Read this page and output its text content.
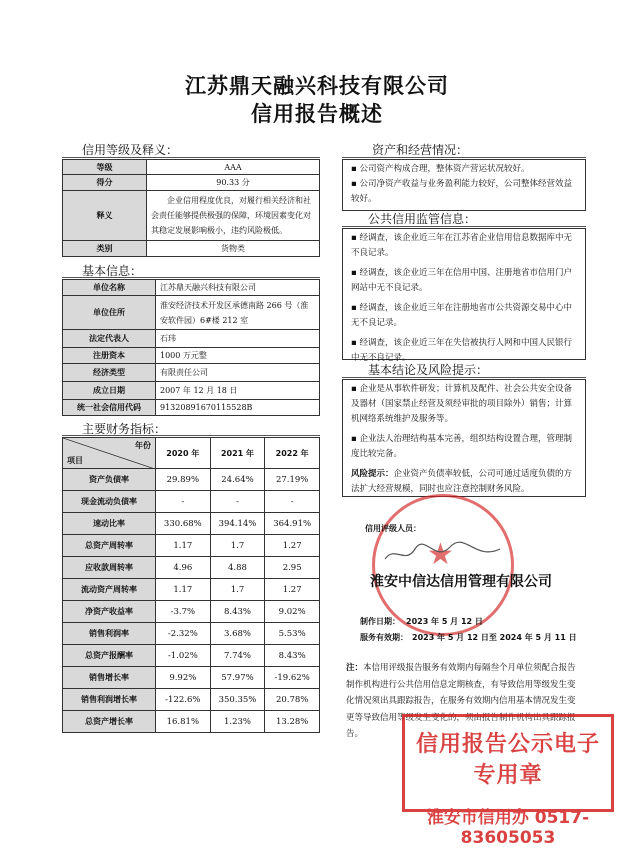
江苏鼎天融兴科技有限公司
信用报告概述
信用等级及释义：
等级	AAA
得分	90.33 分
释义	企业信用程度优良，对履行相关经济和社会责任能够提供极强的保障，环境因素变化对其稳定发展影响极小，违约风险极低。
类别	货物类
基本信息：
单位名称	江苏鼎天融兴科技有限公司
单位住所	淮安经济技术开发区承德南路 266 号（淮安软件园）6#楼 212 室
法定代表人	石玮
注册资本	1000 万元整
经济类型	有限责任公司
成立日期	2007 年 12 月 18 日
统一社会信用代码	91320891670115528B
主要财务指标：
年份
项目	2020 年	2021 年	2022 年
资产负债率	29.89%	24.64%	27.19%
现金流动负债率	-	-	-
速动比率	330.68%	394.14%	364.91%
总资产周转率	1.17	1.7	1.27
应收款周转率	4.96	4.88	2.95
流动资产周转率	1.17	1.7	1.27
净资产收益率	-3.7%	8.43%	9.02%
销售利润率	-2.32%	3.68%	5.53%
总资产报酬率	-1.02%	7.74%	8.43%
销售增长率	9.92%	57.97%	-19.62%
销售利润增长率	-122.6%	350.35%	20.78%
总资产增长率	16.81%	1.23%	13.28%
资产和经营情况：
▪ 公司资产构成合理，整体资产营运状况较好。
▪ 公司净资产收益与业务盈利能力较好，公司整体经营效益较好。
公共信用监管信息：

▪ 经调查，该企业近三年在江苏省企业信用信息数据库中无不良记录。

▪ 经调查，该企业近三年在信用中国、注册地省市信用门户网站中无不良记录。

▪ 经调查，该企业近三年在注册地省市公共资源交易中心中无不良记录。

▪ 经调查，该企业近三年在失信被执行人网和中国人民银行中无不良记录。

基本结论及风险提示：

▪ 企业是从事软件研发；计算机及配件、社会公共安全设备及器材（国家禁止经营及须经审批的项目除外）销售；计算机网络系统维护及服务等。

▪ 企业法人治理结构基本完善，组织结构设置合理，管理制度比较完备。

风险提示：企业资产负债率较低，公司可通过适度负债的方法扩大经营规模，同时也应注意控制财务风险。

★
信用评级人员：
淮安中信达信用管理有限公司
制作日期： 2023 年 5 月 12 日
服务有效期： 2023 年 5 月 12 日至 2024 年 5 月 11 日
注：本信用评级报告服务有效期内每隔叁个月单位须配合报告制作机构进行公共信用信息定期核查，有导致信用等级发生变化情况须出具跟踪报告，在服务有效期内信用基本情况发生变更等导致信用等级发生变化的，须由报告制作机构出具跟踪报告。	信用报告公示电子专用章
淮安市信用办 0517-83605053
